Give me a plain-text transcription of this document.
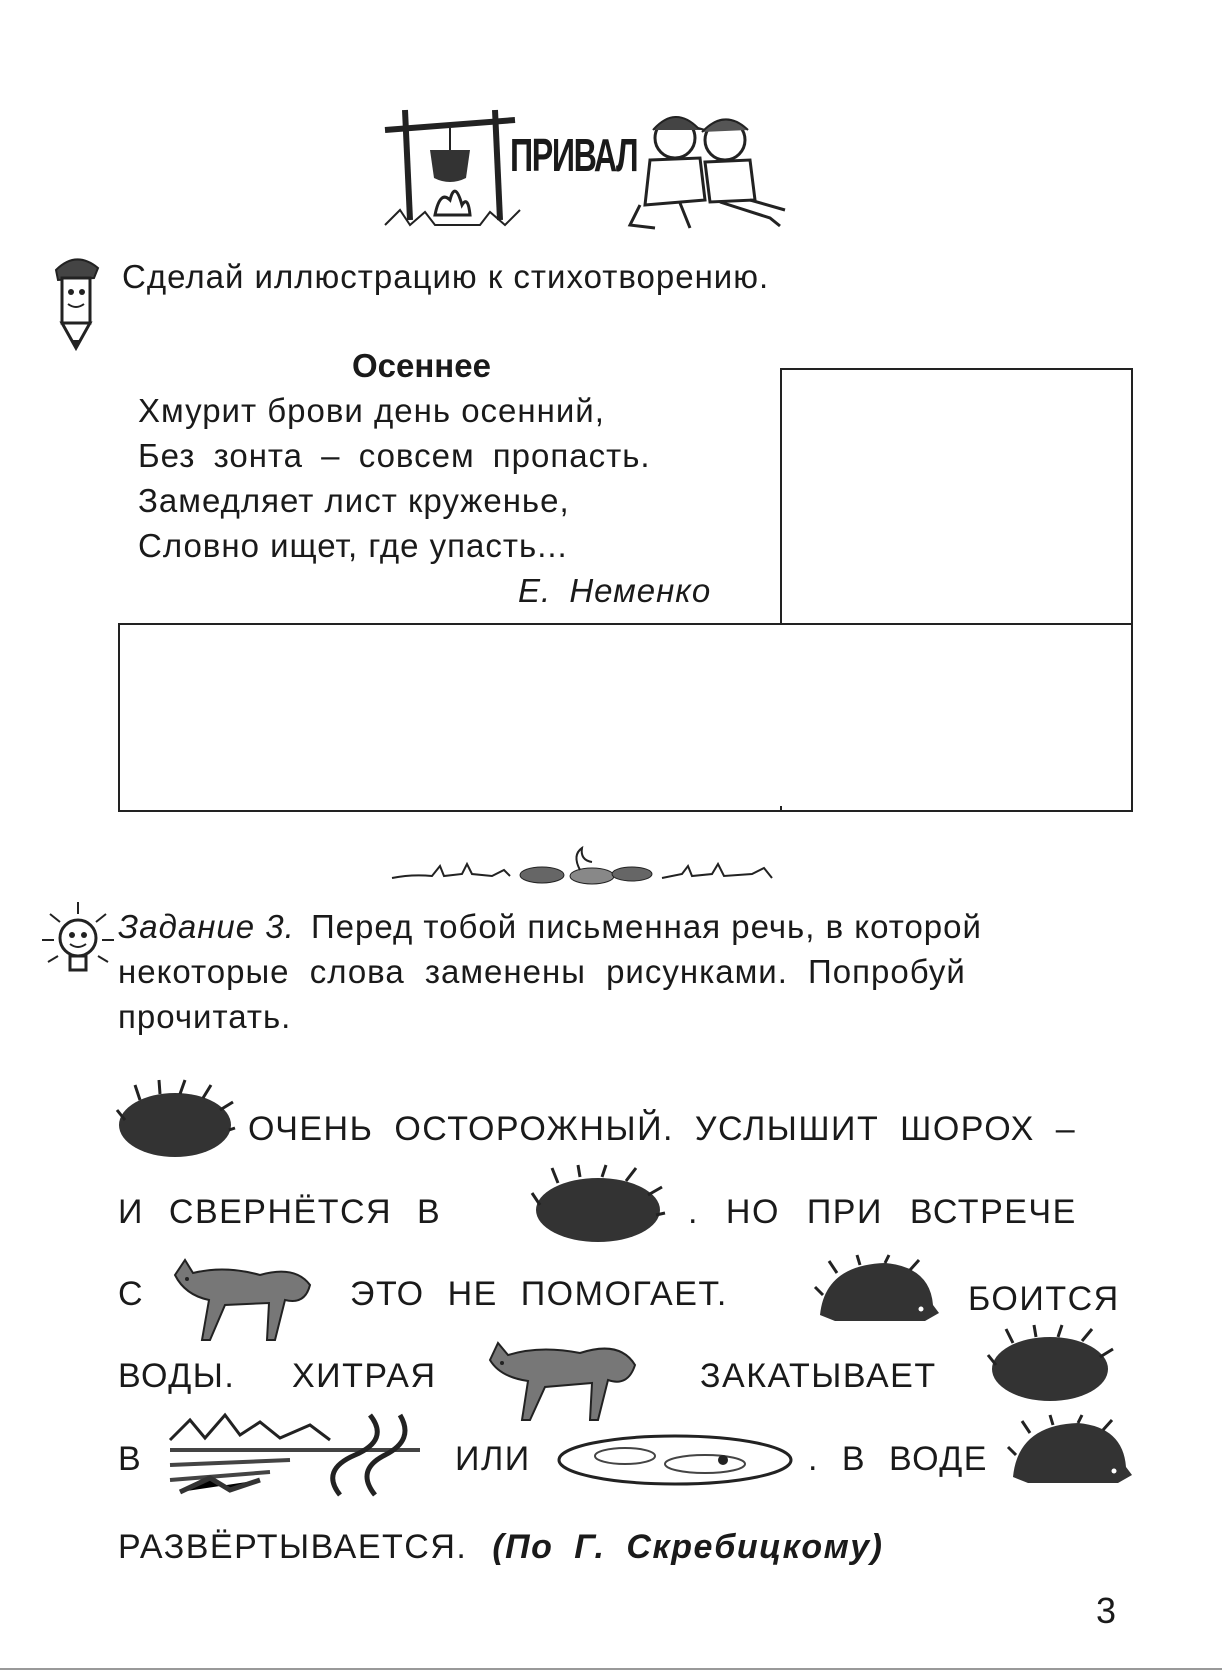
ПРИВАЛ
Сделай иллюстрацию к стихотворению.
Осеннее
Хмурит брови день осенний,
Без зонта – совсем пропасть.
Замедляет лист круженье,
Словно ищет, где упасть...
Е. Неменко
Задание 3. Перед тобой письменная речь, в которой
некоторые слова заменены рисунками. Попробуй
прочитать.
ОЧЕНЬ ОСТОРОЖНЫЙ. УСЛЫШИТ ШОРОХ –
И СВЕРНЁТСЯ В	. НО ПРИ ВСТРЕЧЕ
С	ЭТО НЕ ПОМОГАЕТ.	БОИТСЯ
ВОДЫ. ХИТРАЯ	ЗАКАТЫВАЕТ
В	ИЛИ	. В ВОДЕ
РАЗВЁРТЫВАЕТСЯ. (По Г. Скребицкому)
3
